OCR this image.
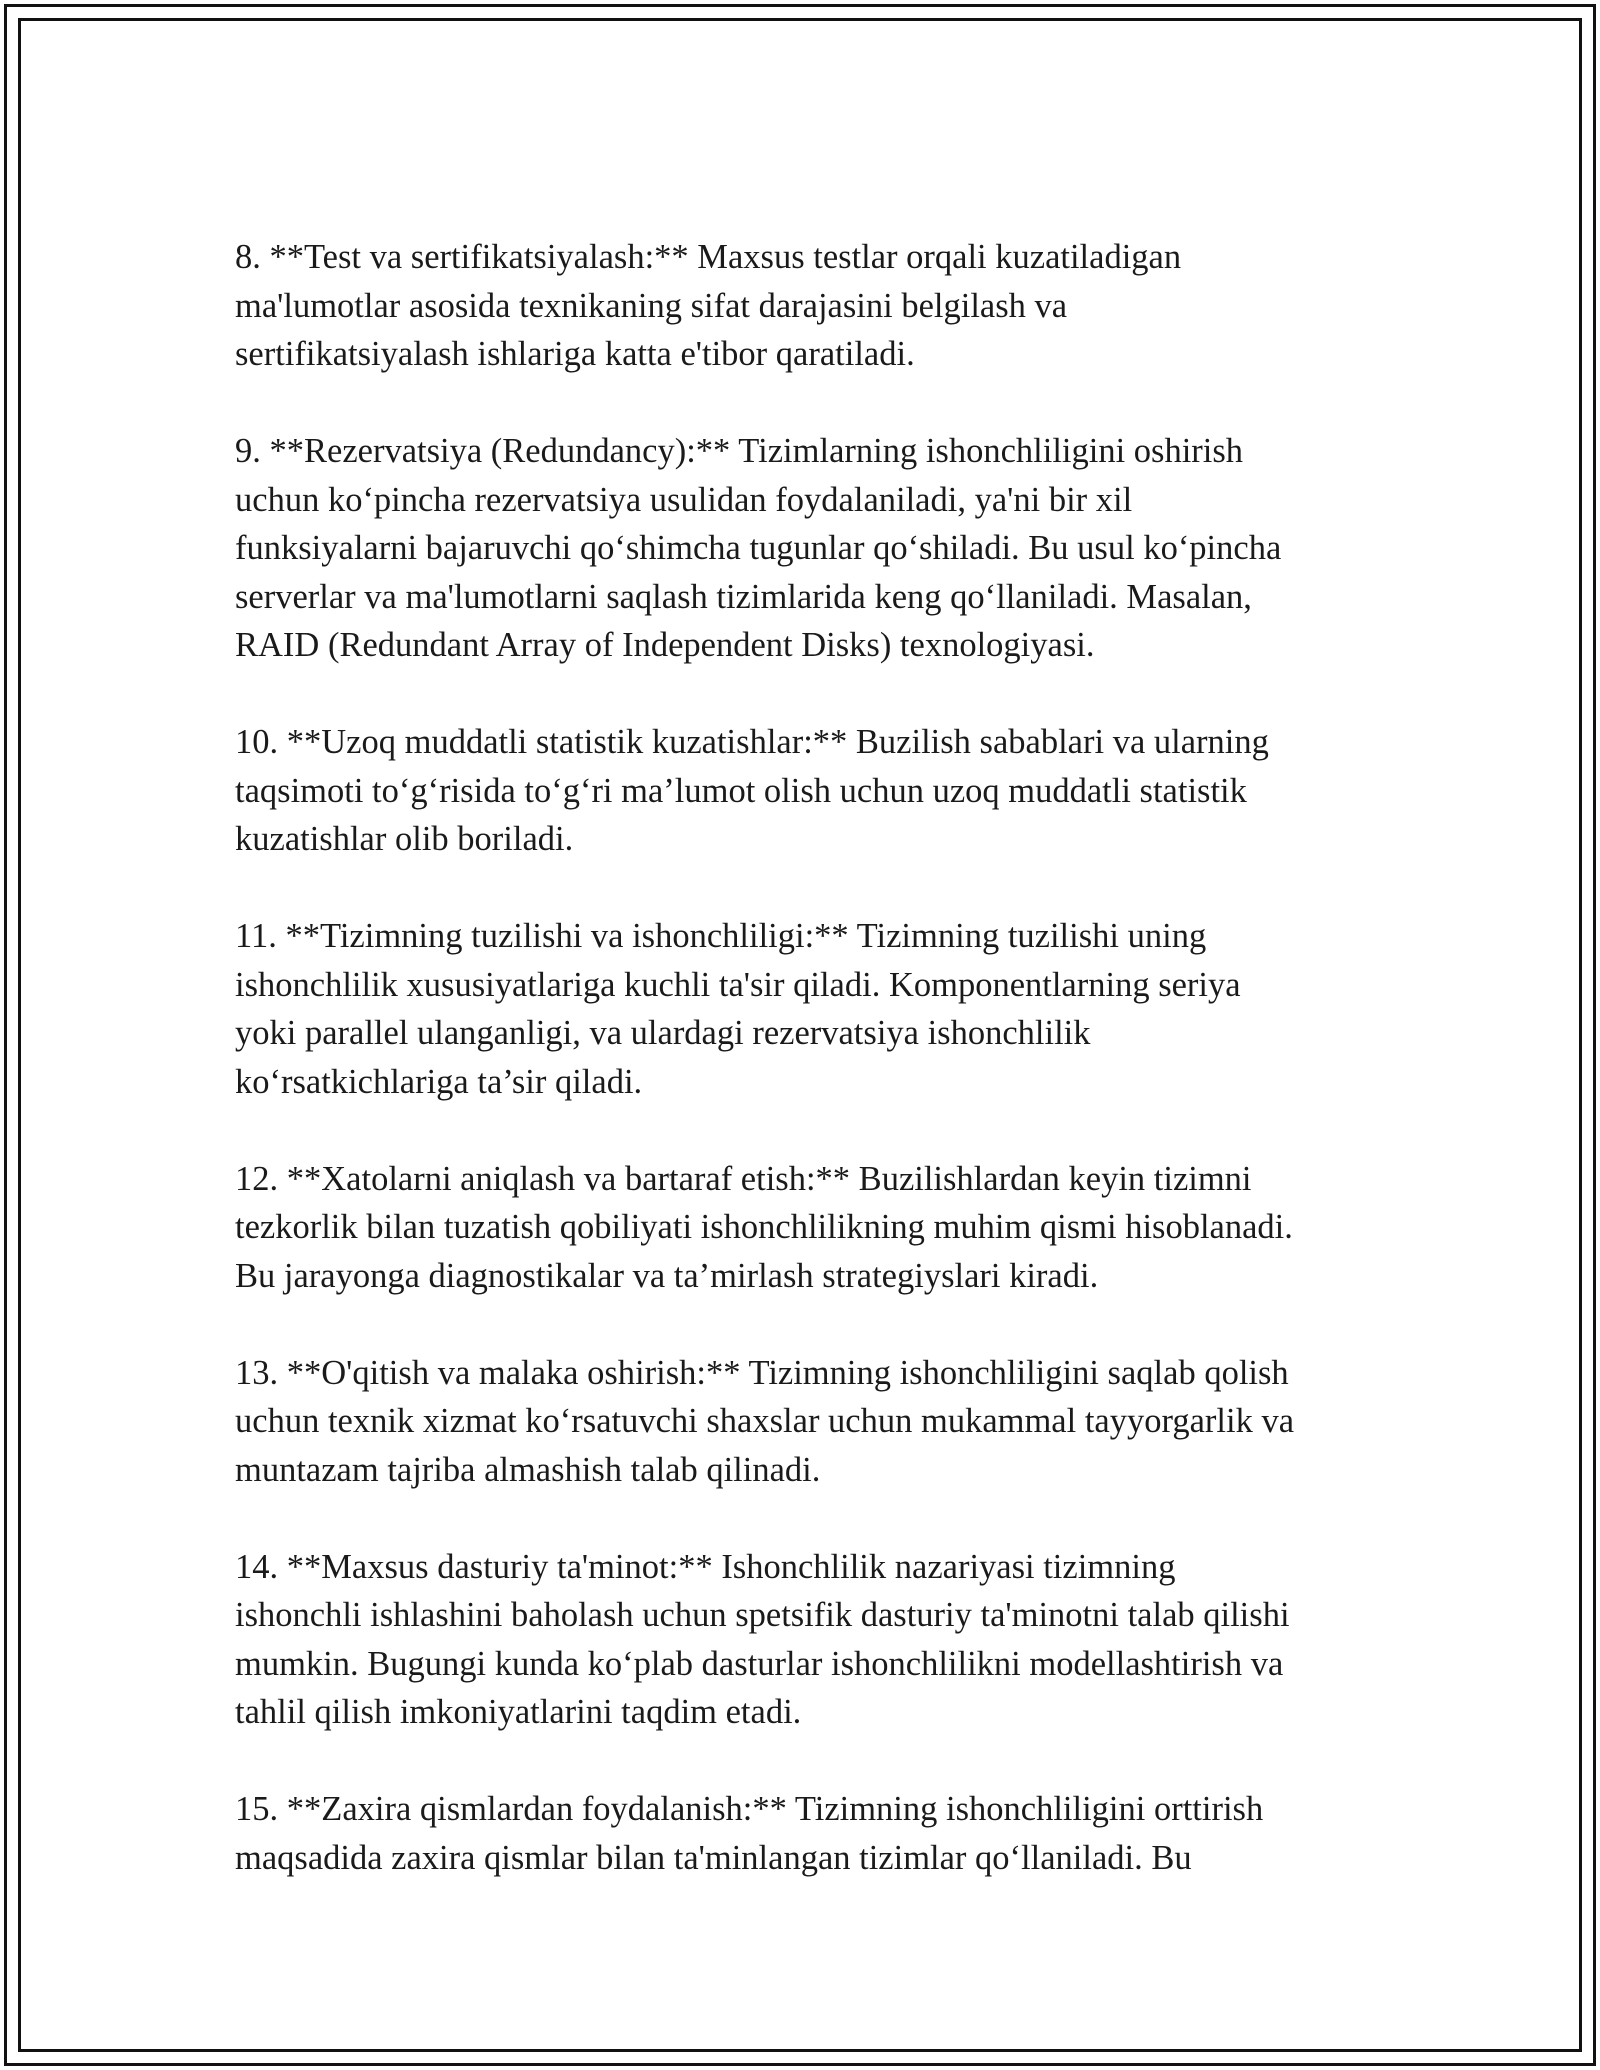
8. **Test va sertifikatsiyalash:** Maxsus testlar orqali kuzatiladigan
ma'lumotlar asosida texnikaning sifat darajasini belgilash va
sertifikatsiyalash ishlariga katta e'tibor qaratiladi.

9. **Rezervatsiya (Redundancy):** Tizimlarning ishonchliligini oshirish
uchun ko‘pincha rezervatsiya usulidan foydalaniladi, ya'ni bir xil
funksiyalarni bajaruvchi qo‘shimcha tugunlar qo‘shiladi. Bu usul ko‘pincha
serverlar va ma'lumotlarni saqlash tizimlarida keng qo‘llaniladi. Masalan,
RAID (Redundant Array of Independent Disks) texnologiyasi.

10. **Uzoq muddatli statistik kuzatishlar:** Buzilish sabablari va ularning
taqsimoti to‘g‘risida to‘g‘ri ma’lumot olish uchun uzoq muddatli statistik
kuzatishlar olib boriladi.

11. **Tizimning tuzilishi va ishonchliligi:** Tizimning tuzilishi uning
ishonchlilik xususiyatlariga kuchli ta'sir qiladi. Komponentlarning seriya
yoki parallel ulanganligi, va ulardagi rezervatsiya ishonchlilik
ko‘rsatkichlariga ta’sir qiladi.

12. **Xatolarni aniqlash va bartaraf etish:** Buzilishlardan keyin tizimni
tezkorlik bilan tuzatish qobiliyati ishonchlilikning muhim qismi hisoblanadi.
Bu jarayonga diagnostikalar va ta’mirlash strategiyslari kiradi.

13. **O'qitish va malaka oshirish:** Tizimning ishonchliligini saqlab qolish
uchun texnik xizmat ko‘rsatuvchi shaxslar uchun mukammal tayyorgarlik va
muntazam tajriba almashish talab qilinadi.

14. **Maxsus dasturiy ta'minot:** Ishonchlilik nazariyasi tizimning
ishonchli ishlashini baholash uchun spetsifik dasturiy ta'minotni talab qilishi
mumkin. Bugungi kunda ko‘plab dasturlar ishonchlilikni modellashtirish va
tahlil qilish imkoniyatlarini taqdim etadi.

15. **Zaxira qismlardan foydalanish:** Tizimning ishonchliligini orttirish
maqsadida zaxira qismlar bilan ta'minlangan tizimlar qo‘llaniladi. Bu
